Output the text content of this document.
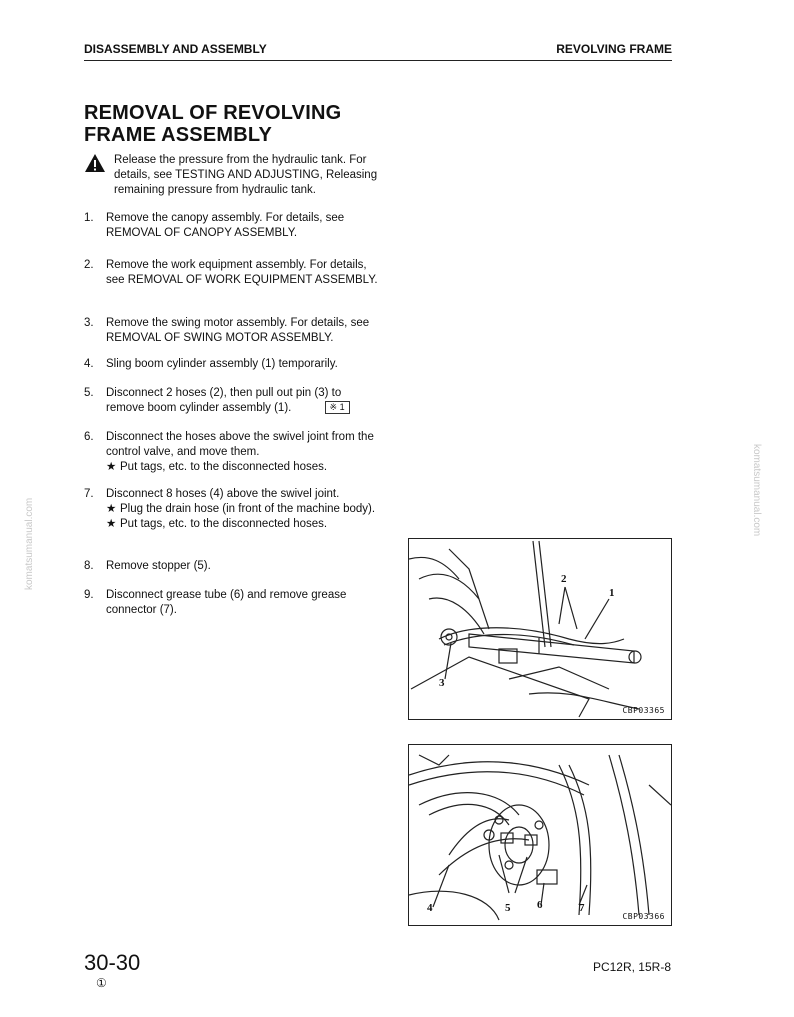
DISASSEMBLY AND ASSEMBLY	REVOLVING FRAME
REMOVAL OF REVOLVING
FRAME ASSEMBLY
Release the pressure from the hydraulic tank. For details, see TESTING AND ADJUSTING, Releasing remaining pressure from hydraulic tank.
1.	Remove the canopy assembly. For details, see REMOVAL OF CANOPY ASSEMBLY.
2.	Remove the work equipment assembly. For details, see REMOVAL OF WORK EQUIPMENT ASSEMBLY.
3.	Remove the swing motor assembly. For details, see REMOVAL OF SWING MOTOR ASSEMBLY.
4.	Sling boom cylinder assembly (1) temporarily.
5.	Disconnect 2 hoses (2), then pull out pin (3) to remove boom cylinder assembly (1).	※ 1
6.	Disconnect the hoses above the swivel joint from the control valve, and move them.
★ Put tags, etc. to the disconnected hoses.
7.	Disconnect 8 hoses (4) above the swivel joint.
★ Plug the drain hose (in front of the machine body).
★ Put tags, etc. to the disconnected hoses.
8.	Remove stopper (5).
9.	Disconnect grease tube (6) and remove grease connector (7).
2
1
3
CBP03365
4	5 6	7
CBP03366
komatsumanual.com
komatsumanual.com
30-30
①
PC12R, 15R-8
